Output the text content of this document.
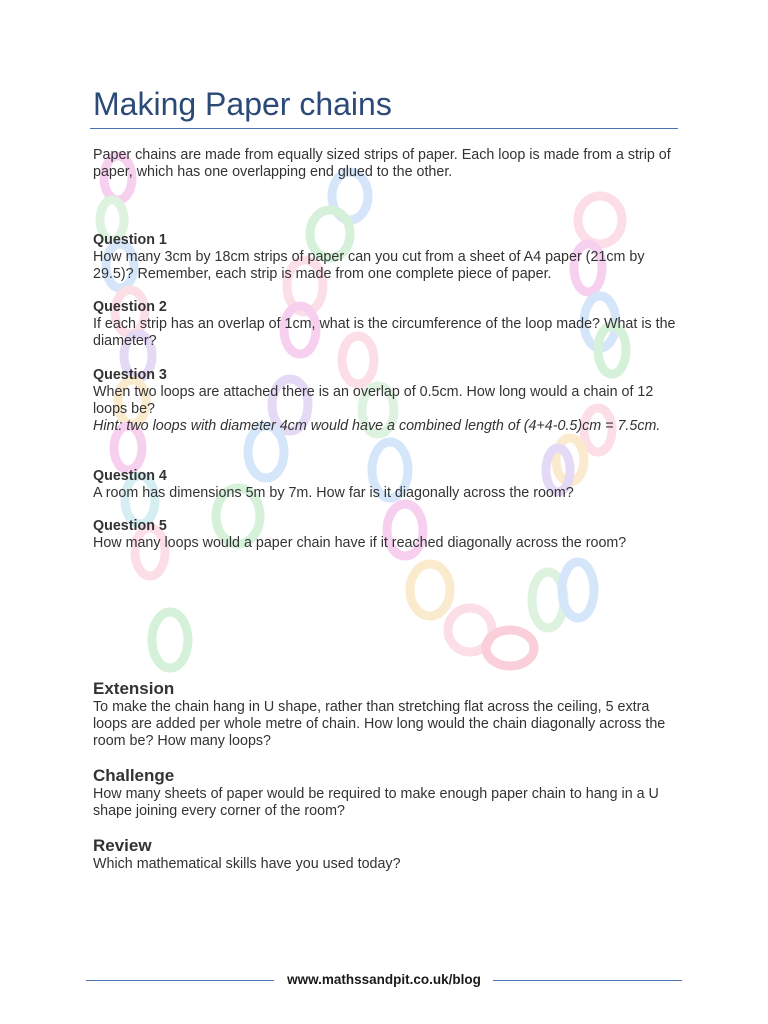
Making Paper chains

Paper chains are made from equally sized strips of paper. Each loop is made from a strip of paper, which has one overlapping end glued to the other.

Question 1

How many 3cm by 18cm strips of paper can you cut from a sheet of A4 paper (21cm by 29.5)? Remember, each strip is made from one complete piece of paper.

Question 2

If each strip has an overlap of 1cm, what is the circumference of the loop made? What is the diameter?

Question 3

When two loops are attached there is an overlap of 0.5cm. How long would a chain of 12 loops be?

Hint: two loops with diameter 4cm would have a combined length of (4+4-0.5)cm = 7.5cm.

Question 4

A room has dimensions 5m by 7m. How far is it diagonally across the room?

Question 5

How many loops would a paper chain have if it reached diagonally across the room?

Extension

To make the chain hang in U shape, rather than stretching flat across the ceiling, 5 extra loops are added per whole metre of chain. How long would the chain diagonally across the room be? How many loops?

Challenge

How many sheets of paper would be required to make enough paper chain to hang in a U shape joining every corner of the room?

Review

Which mathematical skills have you used today?

www.mathssandpit.co.uk/blog
